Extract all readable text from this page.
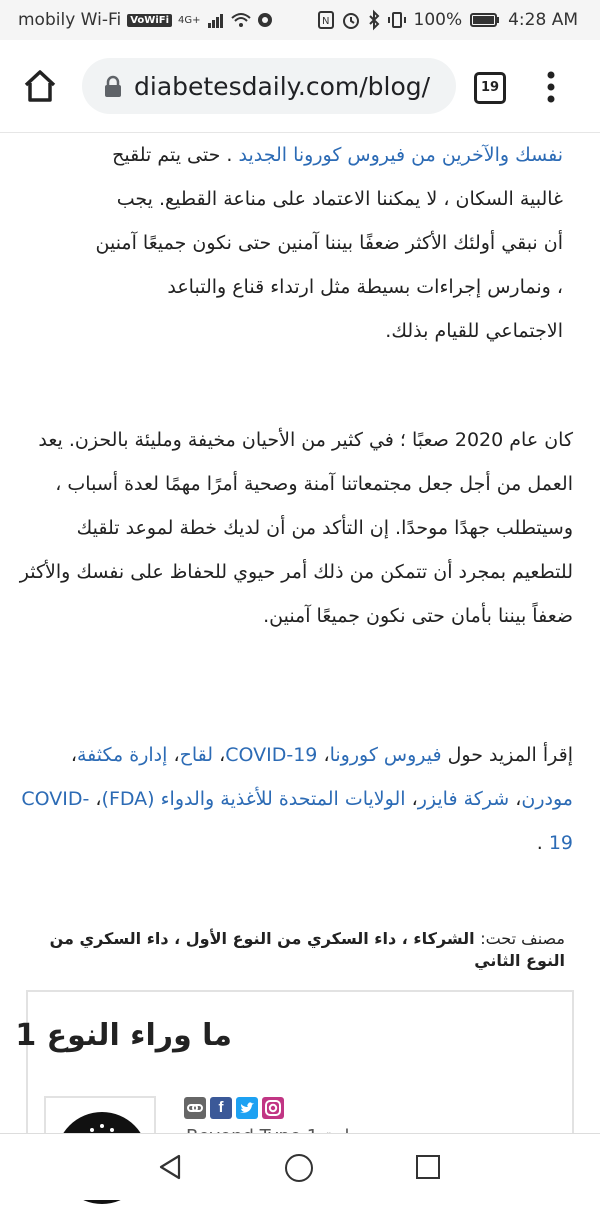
mobily Wi-Fi VoWiFi 4G+	N	100%	4:28 AM
diabetesdaily.com/blog/	19

نفسك والآخرين من فيروس كورونا الجديد . حتى يتم تلقيح غالبية السكان ، لا يمكننا الاعتماد على مناعة القطيع. يجب أن نبقي أولئك الأكثر ضعفًا بيننا آمنين حتى نكون جميعًا آمنين ، ونمارس إجراءات بسيطة مثل ارتداء قناع والتباعد الاجتماعي للقيام بذلك.

كان عام 2020 صعبًا ؛ في كثير من الأحيان مخيفة ومليئة بالحزن. يعد العمل من أجل جعل مجتمعاتنا آمنة وصحية أمرًا مهمًا لعدة أسباب ، وسيتطلب جهدًا موحدًا. إن التأكد من أن لديك خطة لموعد تلقيك للتطعيم بمجرد أن تتمكن من ذلك أمر حيوي للحفاظ على نفسك والأكثر ضعفاً بيننا بأمان حتى نكون جميعًا آمنين.

إقرأ المزيد حول فيروس كورونا، COVID-19، لقاح، إدارة مكثفة، مودرن، شركة فايزر، الولايات المتحدة للأغذية والدواء (FDA)، COVID-19 .

مصنف تحت: الشركاء ، داء السكري من النوع الأول ، داء السكري من النوع الثاني
ما وراء النوع 1
f
